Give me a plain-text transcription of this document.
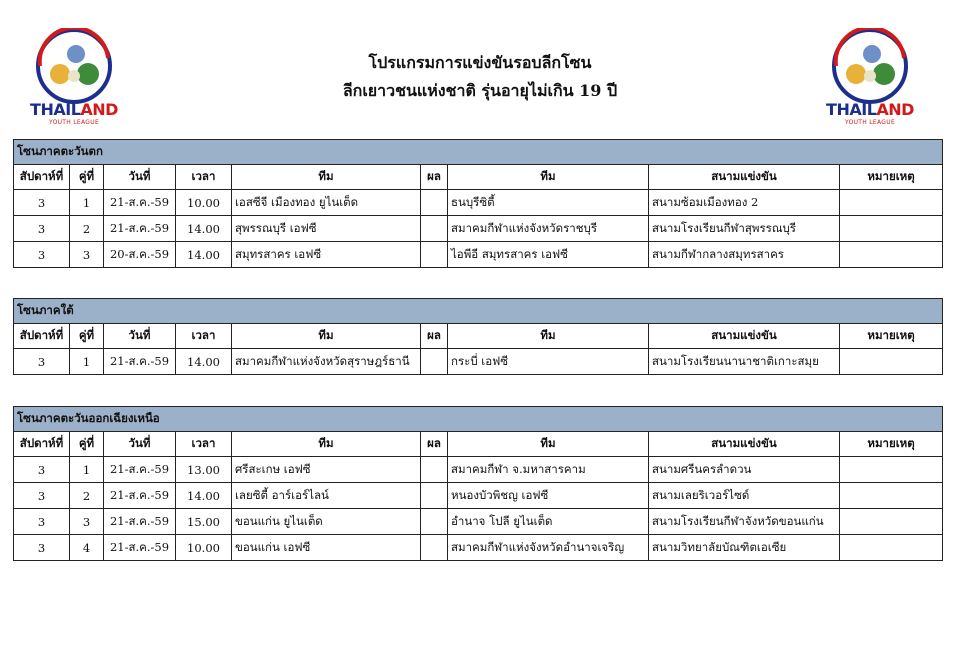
THAILAND
YOUTH LEAGUE
THAILAND
YOUTH LEAGUE
โปรแกรมการแข่งขันรอบลีกโซน
ลีกเยาวชนแห่งชาติ รุ่นอายุไม่เกิน 19 ปี
โซนภาคตะวันตก								
สัปดาห์ที่	คู่ที่	วันที่	เวลา	ทีม	ผล	ทีม	สนามแข่งขัน	หมายเหตุ
3	1	21-ส.ค.-59	10.00	เอสซีจี เมืองทอง ยูไนเต็ด		ธนบุรีซิตี้	สนามซ้อมเมืองทอง 2	
3	2	21-ส.ค.-59	14.00	สุพรรณบุรี เอฟซี		สมาคมกีฬาแห่งจังหวัดราชบุรี	สนามโรงเรียนกีฬาสุพรรณบุรี	
3	3	20-ส.ค.-59	14.00	สมุทรสาคร เอฟซี		ไอพีอี สมุทรสาคร เอฟซี	สนามกีฬากลางสมุทรสาคร	
โซนภาคใต้								
สัปดาห์ที่	คู่ที่	วันที่	เวลา	ทีม	ผล	ทีม	สนามแข่งขัน	หมายเหตุ
3	1	21-ส.ค.-59	14.00	สมาคมกีฬาแห่งจังหวัดสุราษฎร์ธานี		กระบี่ เอฟซี	สนามโรงเรียนนานาชาติเกาะสมุย	
โซนภาคตะวันออกเฉียงเหนือ								
สัปดาห์ที่	คู่ที่	วันที่	เวลา	ทีม	ผล	ทีม	สนามแข่งขัน	หมายเหตุ
3	1	21-ส.ค.-59	13.00	ศรีสะเกษ เอฟซี		สมาคมกีฬา จ.มหาสารคาม	สนามศรีนครลำดวน	
3	2	21-ส.ค.-59	14.00	เลยซิตี้ อาร์เอร์ไลน์		หนองบัวพิชญ เอฟซี	สนามเลยริเวอร์ไซด์	
3	3	21-ส.ค.-59	15.00	ขอนแก่น ยูไนเต็ด		อำนาจ โปลี ยูไนเต็ด	สนามโรงเรียนกีฬาจังหวัดขอนแก่น	
3	4	21-ส.ค.-59	10.00	ขอนแก่น เอฟซี		สมาคมกีฬาแห่งจังหวัดอำนาจเจริญ	สนามวิทยาลัยบัณฑิตเอเซีย	
